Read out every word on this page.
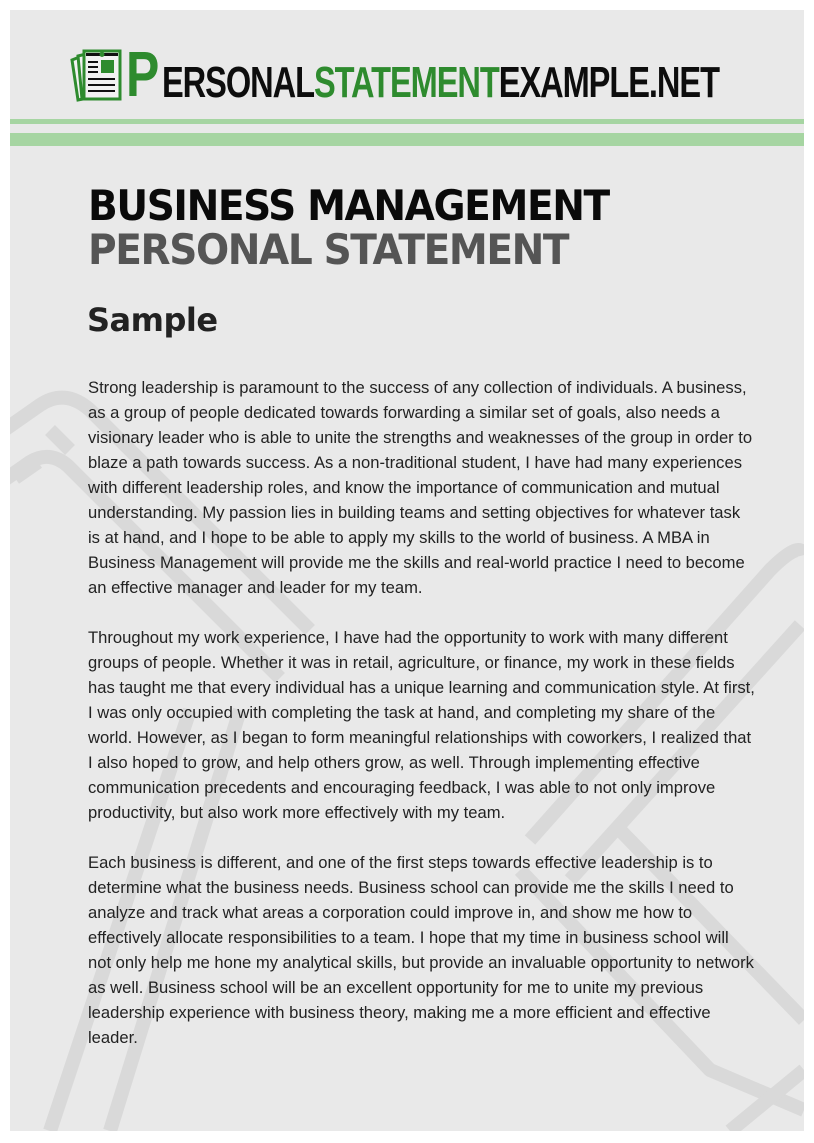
P ERSONALSTATEMENTEXAMPLE.NET
BUSINESS MANAGEMENT
PERSONAL STATEMENT
Sample

Strong leadership is paramount to the success of any collection of individuals. A business, as a group of people dedicated towards forwarding a similar set of goals, also needs a visionary leader who is able to unite the strengths and weaknesses of the group in order to blaze a path towards success. As a non-traditional student, I have had many experiences with different leadership roles, and know the importance of communication and mutual understanding. My passion lies in building teams and setting objectives for whatever task is at hand, and I hope to be able to apply my skills to the world of business. A MBA in Business Management will provide me the skills and real-world practice I need to become an effective manager and leader for my team.

Throughout my work experience, I have had the opportunity to work with many different groups of people. Whether it was in retail, agriculture, or finance, my work in these fields has taught me that every individual has a unique learning and communication style. At first, I was only occupied with completing the task at hand, and completing my share of the world. However, as I began to form meaningful relationships with coworkers, I realized that I also hoped to grow, and help others grow, as well. Through implementing effective communication precedents and encouraging feedback, I was able to not only improve productivity, but also work more effectively with my team.

Each business is different, and one of the first steps towards effective leadership is to determine what the business needs. Business school can provide me the skills I need to analyze and track what areas a corporation could improve in, and show me how to effectively allocate responsibilities to a team. I hope that my time in business school will not only help me hone my analytical skills, but provide an invaluable opportunity to network as well. Business school will be an excellent opportunity for me to unite my previous leadership experience with business theory, making me a more efficient and effective leader.
